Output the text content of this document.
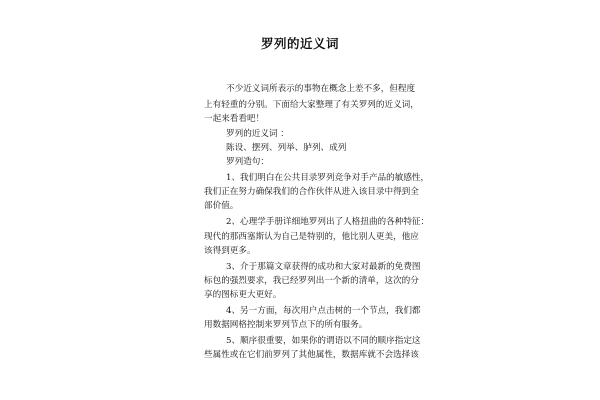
罗列的近义词

不少近义词所表示的事物在概念上差不多，但程度

上有轻重的分别。下面给大家整理了有关罗列的近义词，

一起来看看吧！

罗列的近义词 ：

陈设、摆列、列举、胪列、成列

罗列造句：

1、我们明白在公共目录罗列竞争对手产品的敏感性，

我们正在努力确保我们的合作伙伴从进入该目录中得到全

部价值。

2、心理学手册详细地罗列出了人格扭曲的各种特征：

现代的那西塞斯认为自己是特别的，他比别人更美，他应

该得到更多。

3、介于那篇文章获得的成功和大家对最新的免费图

标包的强烈要求，我已经罗列出一个新的清单，这次的分

享的图标更大更好。

4、另一方面，每次用户点击树的一个节点，我们都

用数据网格控制来罗列节点下的所有服务。

5、顺序很重要，如果你的谓语以不同的顺序指定这

些属性或在它们前罗列了其他属性，数据库就不会选择该
